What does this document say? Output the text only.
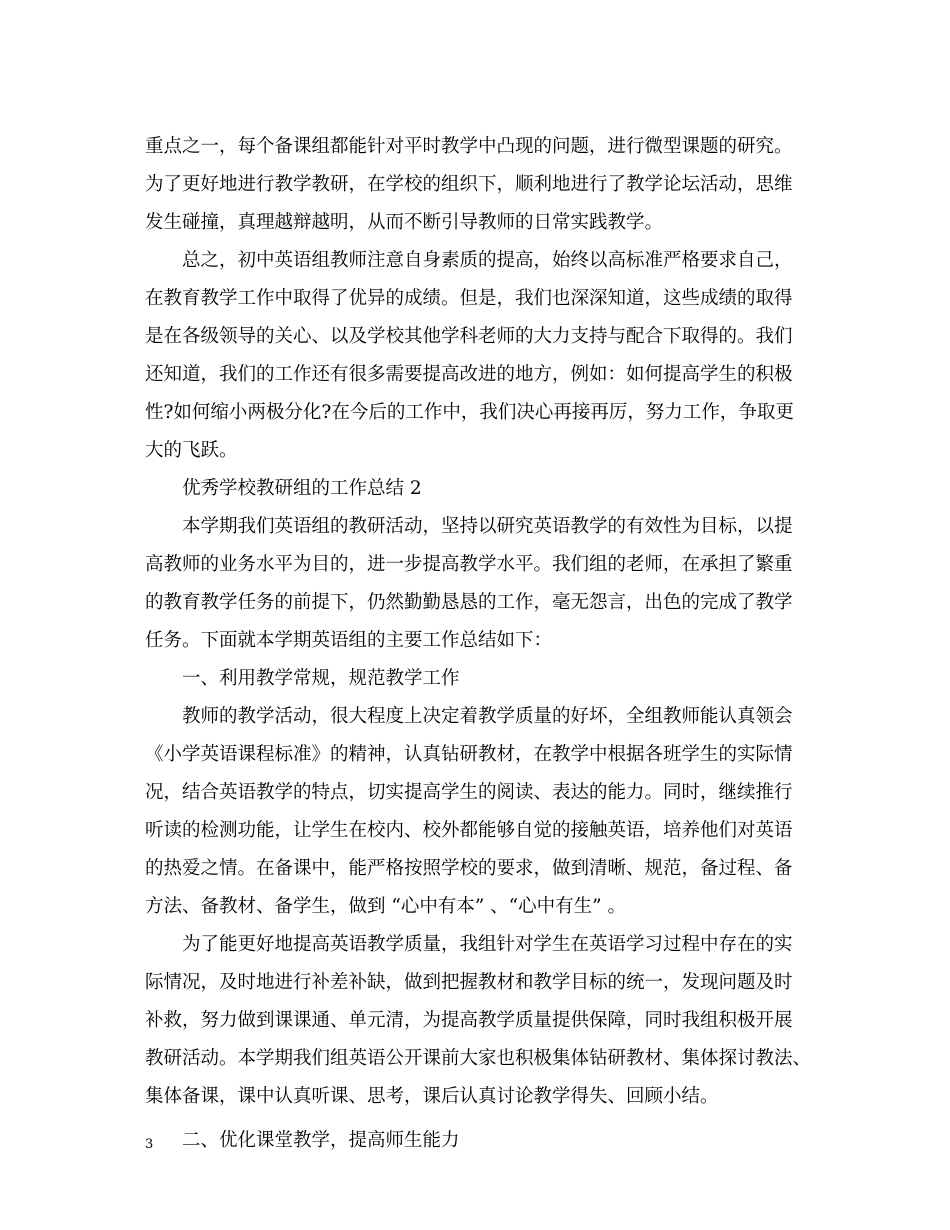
重点之一，每个备课组都能针对平时教学中凸现的问题，进行微型课题的研究。
为了更好地进行教学教研，在学校的组织下，顺利地进行了教学论坛活动，思维
发生碰撞，真理越辩越明，从而不断引导教师的日常实践教学。
总之，初中英语组教师注意自身素质的提高，始终以高标准严格要求自己，
在教育教学工作中取得了优异的成绩。但是，我们也深深知道，这些成绩的取得
是在各级领导的关心、以及学校其他学科老师的大力支持与配合下取得的。我们
还知道，我们的工作还有很多需要提高改进的地方，例如：如何提高学生的积极
性?如何缩小两极分化?在今后的工作中，我们决心再接再厉，努力工作，争取更
大的飞跃。
优秀学校教研组的工作总结 2
本学期我们英语组的教研活动，坚持以研究英语教学的有效性为目标，以提
高教师的业务水平为目的，进一步提高教学水平。我们组的老师，在承担了繁重
的教育教学任务的前提下，仍然勤勤恳恳的工作，毫无怨言，出色的完成了教学
任务。下面就本学期英语组的主要工作总结如下：
一、利用教学常规，规范教学工作
教师的教学活动，很大程度上决定着教学质量的好坏，全组教师能认真领会
《小学英语课程标准》的精神，认真钻研教材，在教学中根据各班学生的实际情
况，结合英语教学的特点，切实提高学生的阅读、表达的能力。同时，继续推行
听读的检测功能，让学生在校内、校外都能够自觉的接触英语，培养他们对英语
的热爱之情。在备课中，能严格按照学校的要求，做到清晰、规范，备过程、备
方法、备教材、备学生，做到 “心中有本” 、“心中有生” 。
为了能更好地提高英语教学质量，我组针对学生在英语学习过程中存在的实
际情况，及时地进行补差补缺，做到把握教材和教学目标的统一，发现问题及时
补救，努力做到课课通、单元清，为提高教学质量提供保障，同时我组积极开展
教研活动。本学期我们组英语公开课前大家也积极集体钻研教材、集体探讨教法、
集体备课，课中认真听课、思考，课后认真讨论教学得失、回顾小结。
二、优化课堂教学，提高师生能力
3
